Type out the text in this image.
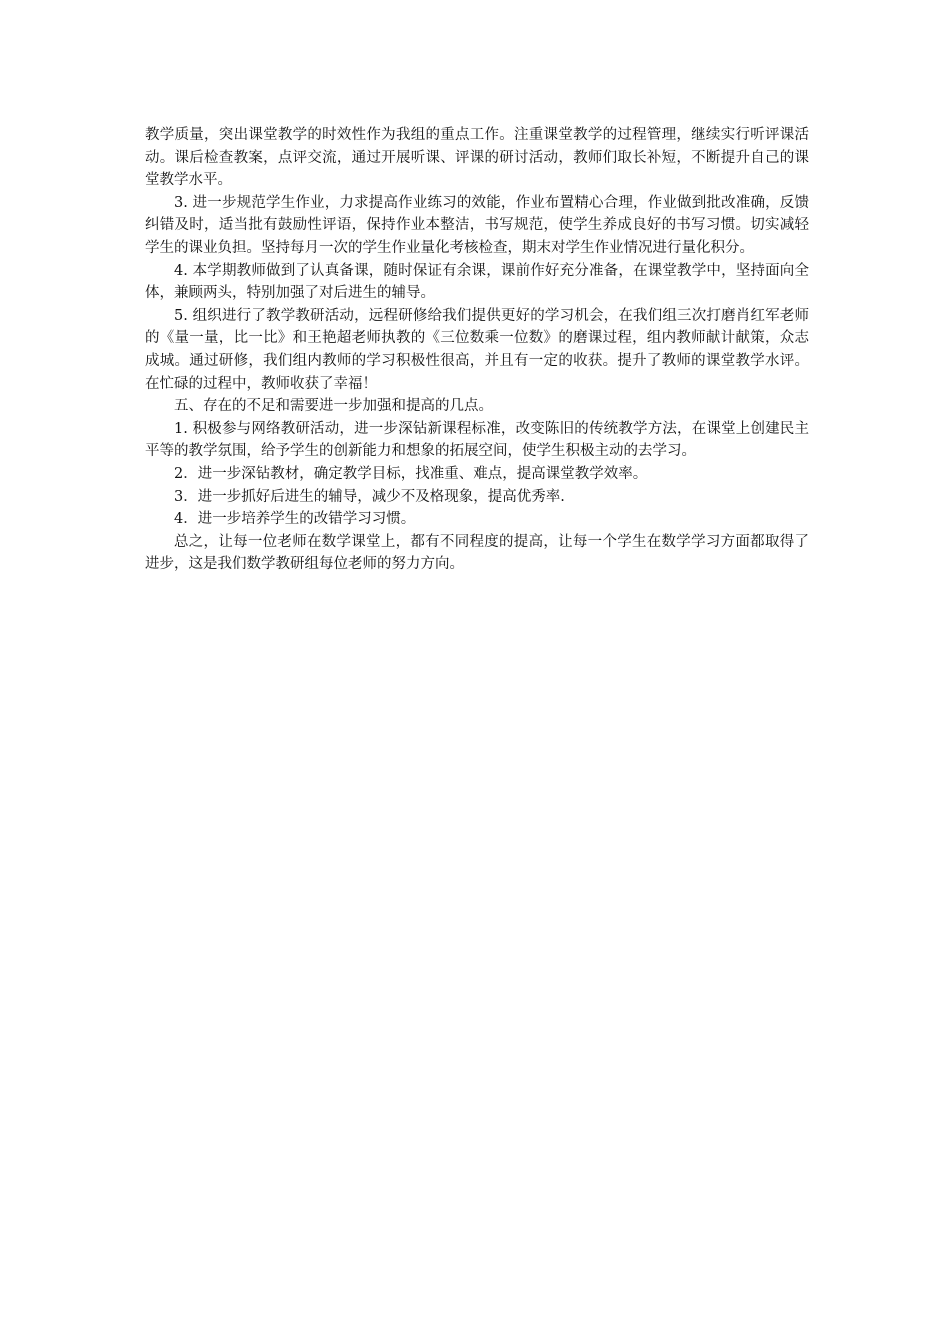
教学质量，突出课堂教学的时效性作为我组的重点工作。注重课堂教学的过程管理，继续实行听评课活动。课后检查教案，点评交流，通过开展听课、评课的研讨活动，教师们取长补短，不断提升自己的课堂教学水平。

3. 进一步规范学生作业，力求提高作业练习的效能，作业布置精心合理，作业做到批改准确，反馈纠错及时，适当批有鼓励性评语，保持作业本整洁，书写规范，使学生养成良好的书写习惯。切实减轻学生的课业负担。坚持每月一次的学生作业量化考核检查，期末对学生作业情况进行量化积分。

4. 本学期教师做到了认真备课，随时保证有余课，课前作好充分准备，在课堂教学中，坚持面向全体，兼顾两头，特别加强了对后进生的辅导。

5. 组织进行了教学教研活动，远程研修给我们提供更好的学习机会，在我们组三次打磨肖红军老师的《量一量，比一比》和王艳超老师执教的《三位数乘一位数》的磨课过程，组内教师献计献策，众志成城。通过研修，我们组内教师的学习积极性很高，并且有一定的收获。提升了教师的课堂教学水评。在忙碌的过程中，教师收获了幸福！

五、存在的不足和需要进一步加强和提高的几点。

1. 积极参与网络教研活动，进一步深钻新课程标准，改变陈旧的传统教学方法，在课堂上创建民主平等的教学氛围，给予学生的创新能力和想象的拓展空间，使学生积极主动的去学习。

2．进一步深钻教材，确定教学目标，找准重、难点，提高课堂教学效率。

3．进一步抓好后进生的辅导，减少不及格现象，提高优秀率.

4．进一步培养学生的改错学习习惯。

总之，让每一位老师在数学课堂上，都有不同程度的提高，让每一个学生在数学学习方面都取得了进步，这是我们数学教研组每位老师的努力方向。
